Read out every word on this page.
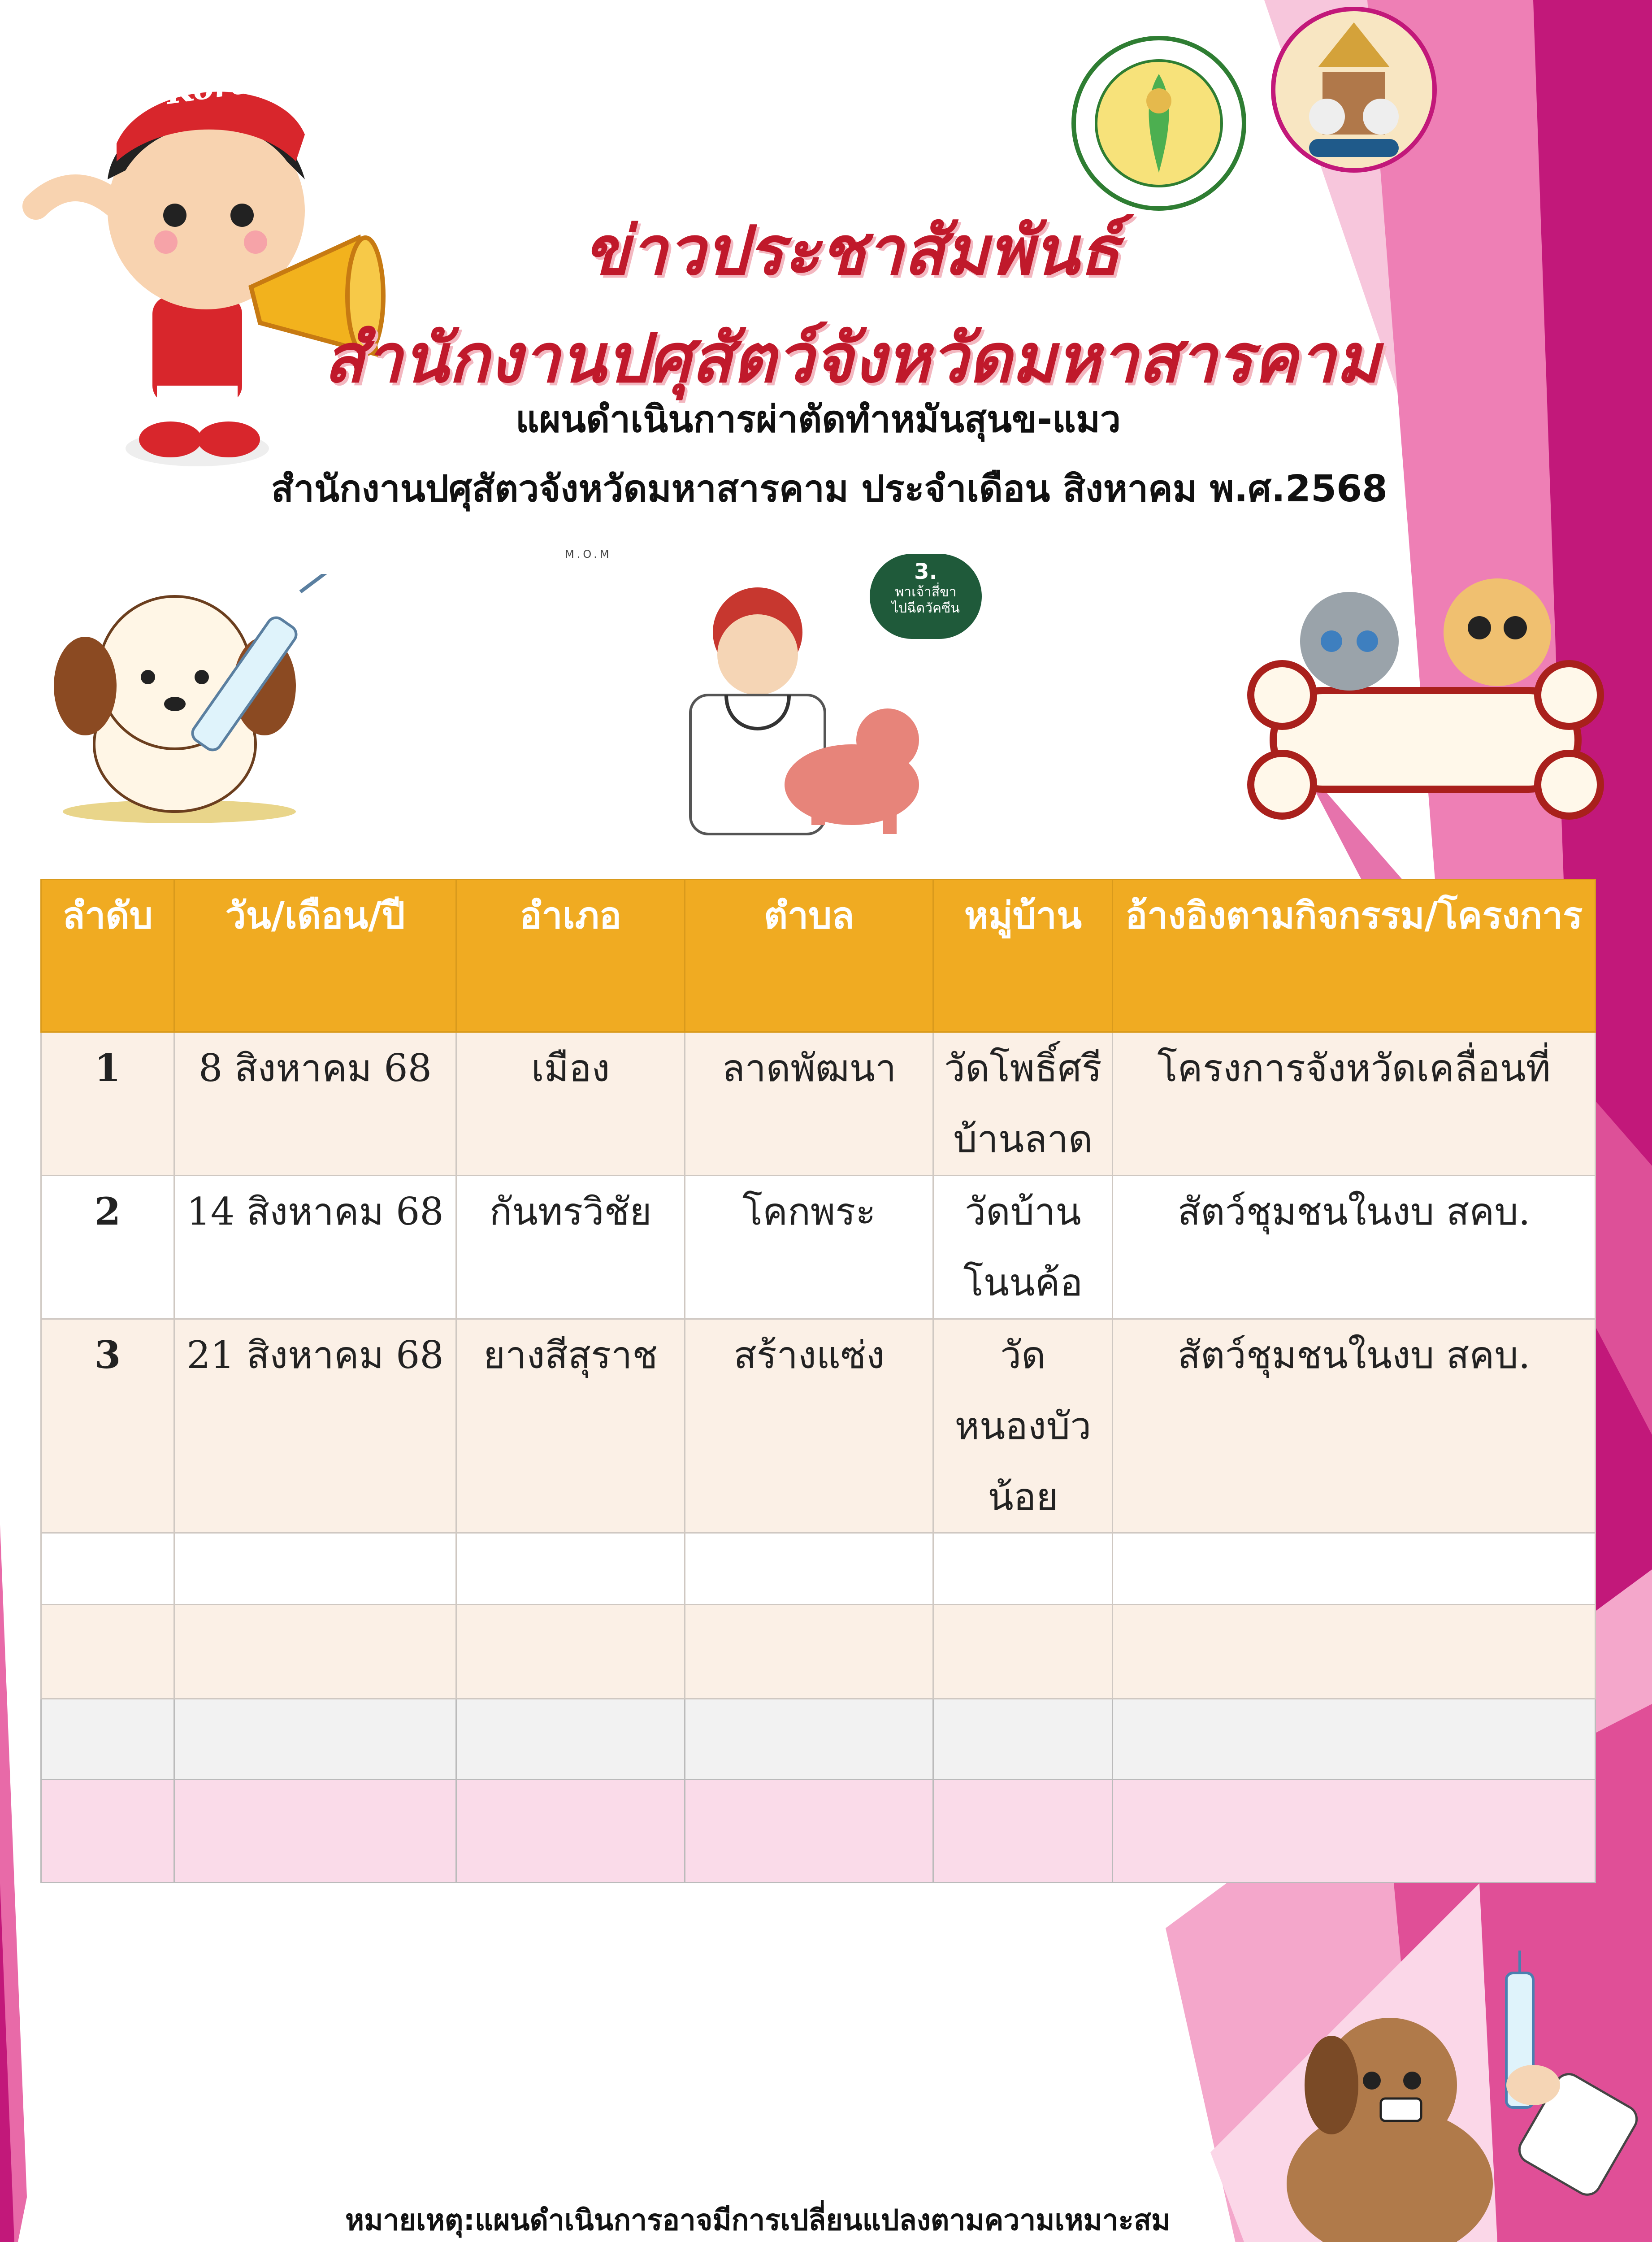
Korea
ข่าวประชาสัมพันธ์
สำนักงานปศุสัตว์จังหวัดมหาสารคาม
แผนดำเนินการผ่าตัดทำหมันสุนข-แมว
สำนักงานปศุสัตวจังหวัดมหาสารคาม ประจำเดือน สิงหาคม พ.ศ.2568
M.O.M
3.
พาเจ้าสี่ขา
ไปฉีดวัคซีน
ลำดับ	วัน/เดือน/ปี	อำเภอ	ตำบล	หมู่บ้าน	อ้างอิงตามกิจกรรม/โครงการ
1	8 สิงหาคม 68	เมือง	ลาดพัฒนา	วัดโพธิ์ศรีบ้านลาด	โครงการจังหวัดเคลื่อนที่
2	14 สิงหาคม 68	กันทรวิชัย	โคกพระ	วัดบ้านโนนค้อ	สัตว์ชุมชนในงบ สคบ.
3	21 สิงหาคม 68	ยางสีสุราช	สร้างแซ่ง	วัดหนองบัวน้อย	สัตว์ชุมชนในงบ สคบ.

หมายเหตุ:แผนดำเนินการอาจมีการเปลี่ยนแปลงตามความเหมาะสม
